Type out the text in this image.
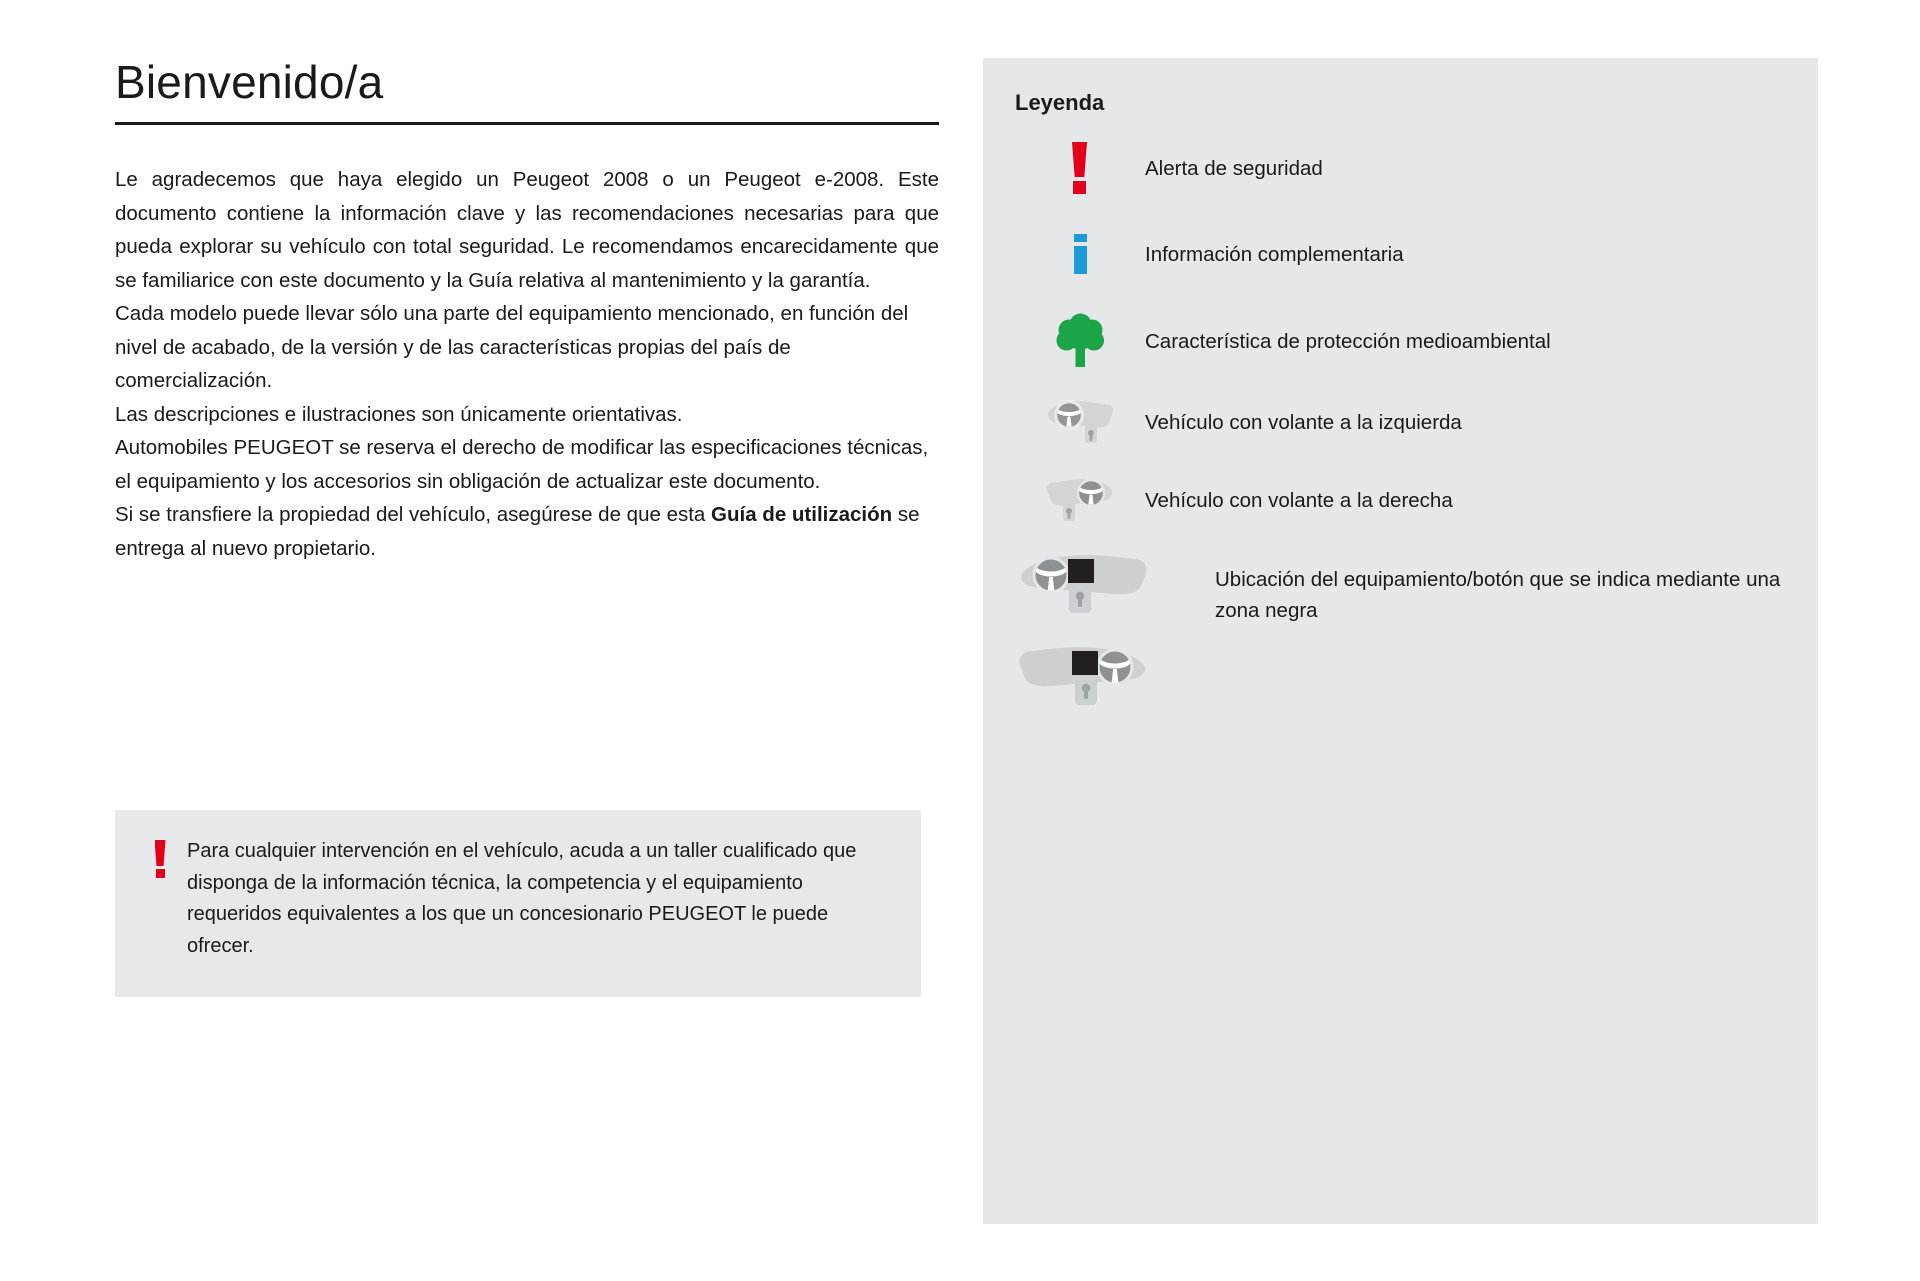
Bienvenido/a

Le agradecemos que haya elegido un Peugeot 2008 o un Peugeot e-2008. Este documento contiene la información clave y las recomendaciones necesarias para que pueda explorar su vehículo con total seguridad. Le recomendamos encarecidamente que se familiarice con este documento y la Guía relativa al mantenimiento y la garantía.

Cada modelo puede llevar sólo una parte del equipamiento mencionado, en función del nivel de acabado, de la versión y de las características propias del país de comercialización.

Las descripciones e ilustraciones son únicamente orientativas.

Automobiles PEUGEOT se reserva el derecho de modificar las especificaciones técnicas, el equipamiento y los accesorios sin obligación de actualizar este documento.

Si se transfiere la propiedad del vehículo, asegúrese de que esta Guía de utilización se entrega al nuevo propietario.

Para cualquier intervención en el vehículo, acuda a un taller cualificado que disponga de la información técnica, la competencia y el equipamiento requeridos equivalentes a los que un concesionario PEUGEOT le puede ofrecer.
Leyenda
Alerta de seguridad
Información complementaria
Característica de protección medioambiental
Vehículo con volante a la izquierda
Vehículo con volante a la derecha
Ubicación del equipamiento/botón que se indica mediante una zona negra
